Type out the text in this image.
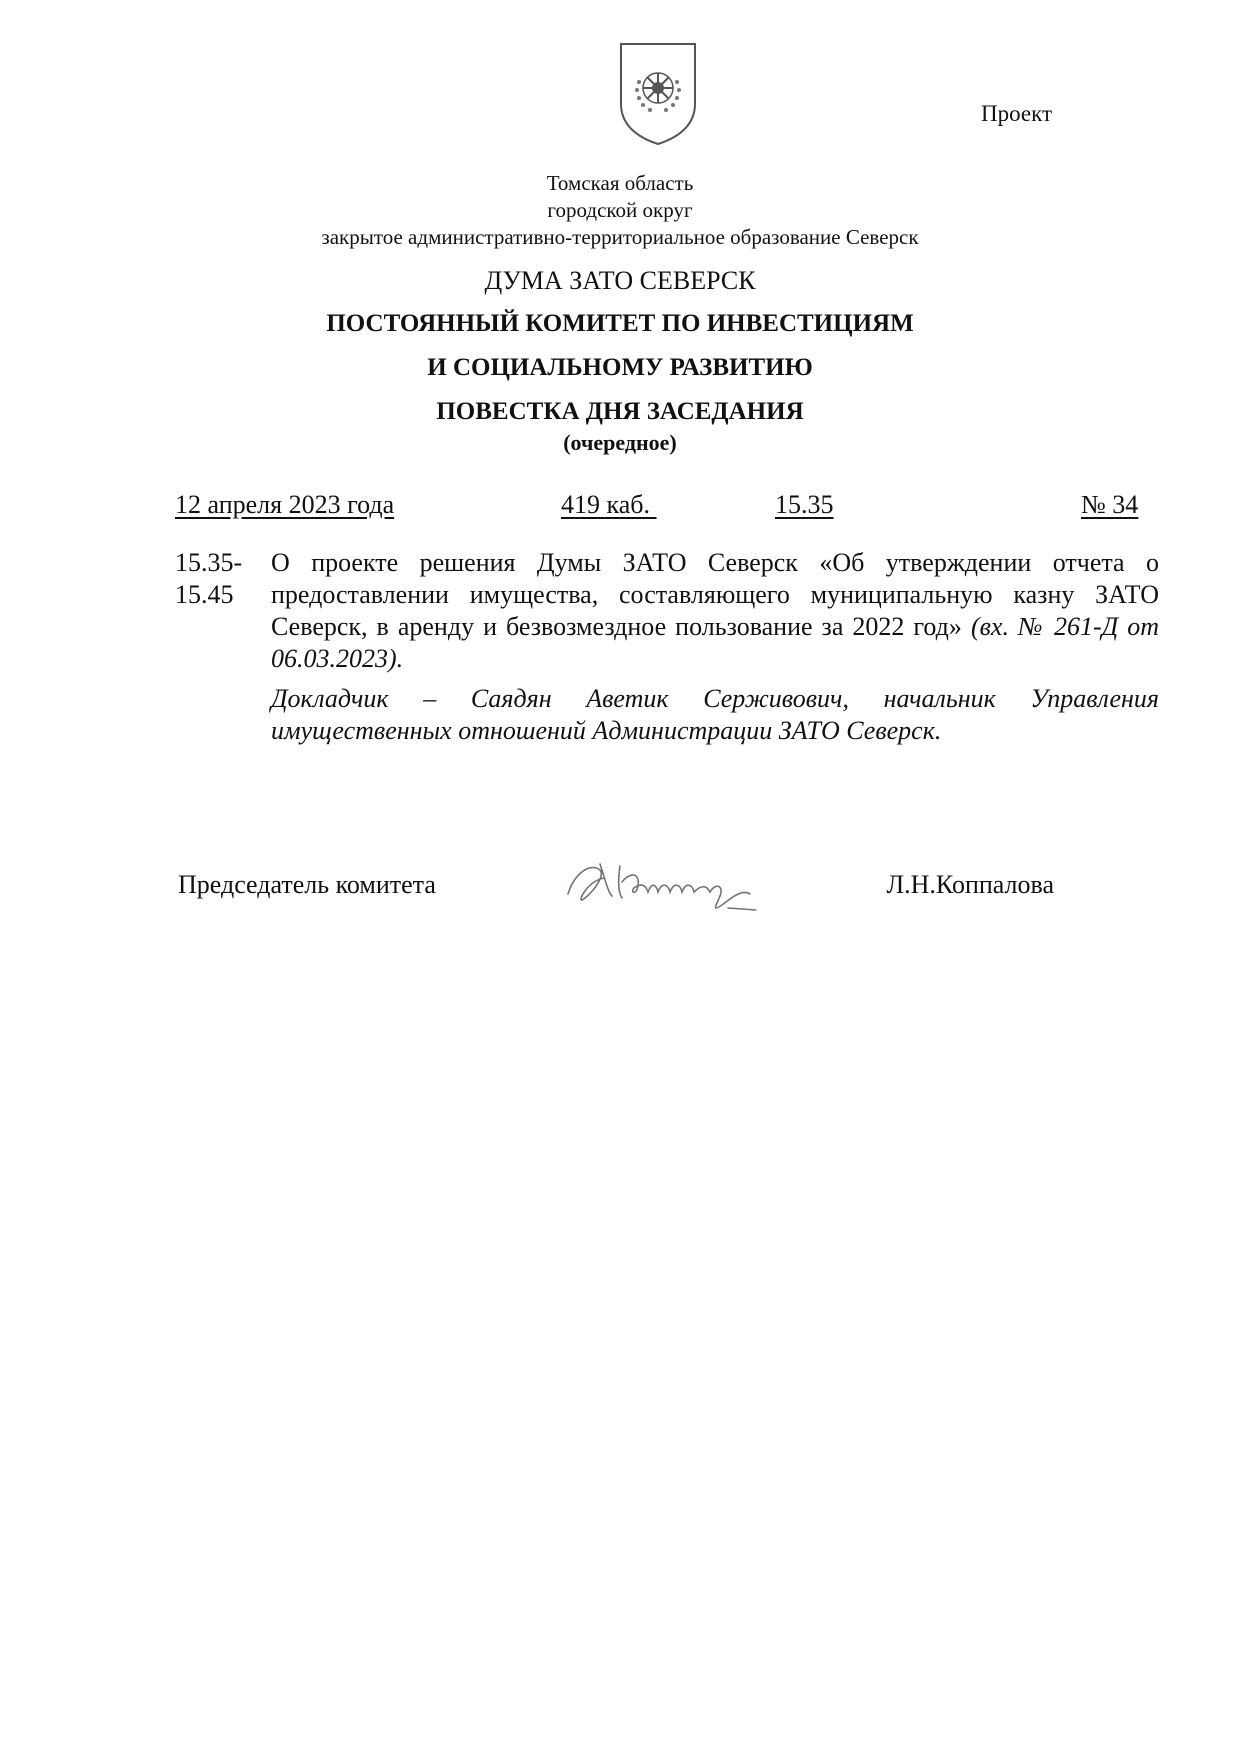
Проект
Томская область
городской округ
закрытое административно-территориальное образование Северск
ДУМА ЗАТО СЕВЕРСК
ПОСТОЯННЫЙ КОМИТЕТ ПО ИНВЕСТИЦИЯМ
И СОЦИАЛЬНОМУ РАЗВИТИЮ
ПОВЕСТКА ДНЯ ЗАСЕДАНИЯ
(очередное)
12 апреля 2023 года	419 каб.	15.35	№ 34
15.35-
15.45

О проекте решения Думы ЗАТО Северск «Об утверждении отчета о предоставлении имущества, составляющего муниципальную казну ЗАТО Северск, в аренду и безвозмездное пользование за 2022 год» (вх. № 261-Д от 06.03.2023).

Докладчик – Саядян Аветик Серживович, начальник Управления имущественных отношений Администрации ЗАТО Северск.

Председатель комитета	Л.Н.Коппалова
